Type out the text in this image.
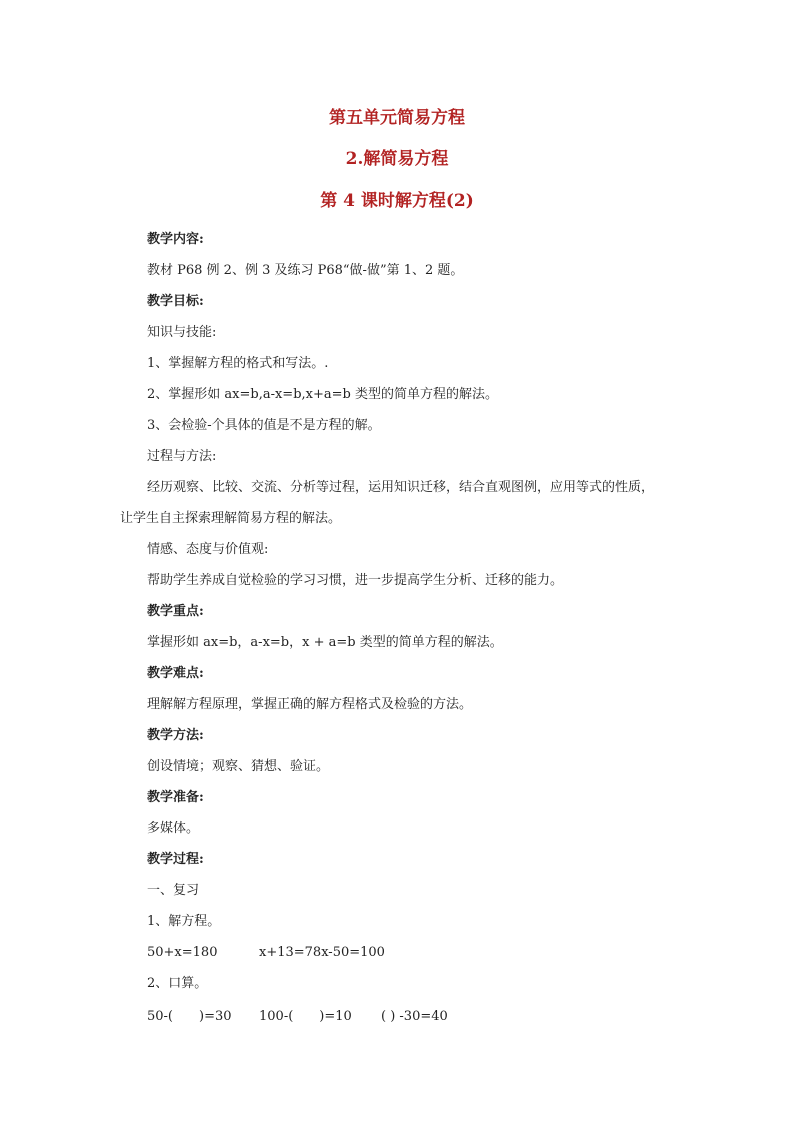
第五单元简易方程
2.解简易方程
第 4 课时解方程(2)
教学内容:
教材 P68 例 2、例 3 及练习 P68“做-做”第 1、2 题。
教学目标:
知识与技能:
1、掌握解方程的格式和写法。.
2、掌握形如 ax=b,a-x=b,x+a=b 类型的简单方程的解法。
3、会检验-个具体的值是不是方程的解。
过程与方法:
经历观察、比较、交流、分析等过程，运用知识迁移，结合直观图例，应用等式的性质，
让学生自主探索理解简易方程的解法。
情感、态度与价值观:
帮助学生养成自觉检验的学习习惯，进一步提高学生分析、迁移的能力。
教学重点:
掌握形如 ax=b，a-x=b，x + a=b 类型的简单方程的解法。
教学难点:
理解解方程原理，掌握正确的解方程格式及检验的方法。
教学方法:
创设情境；观察、猜想、验证。
教学准备:
多媒体。
教学过程:
一、复习
1、解方程。
50+x=180	x+13=78x-50=100
2、口算。
50-(　　)=30 100-(　　)=10 ( ) -30=40
